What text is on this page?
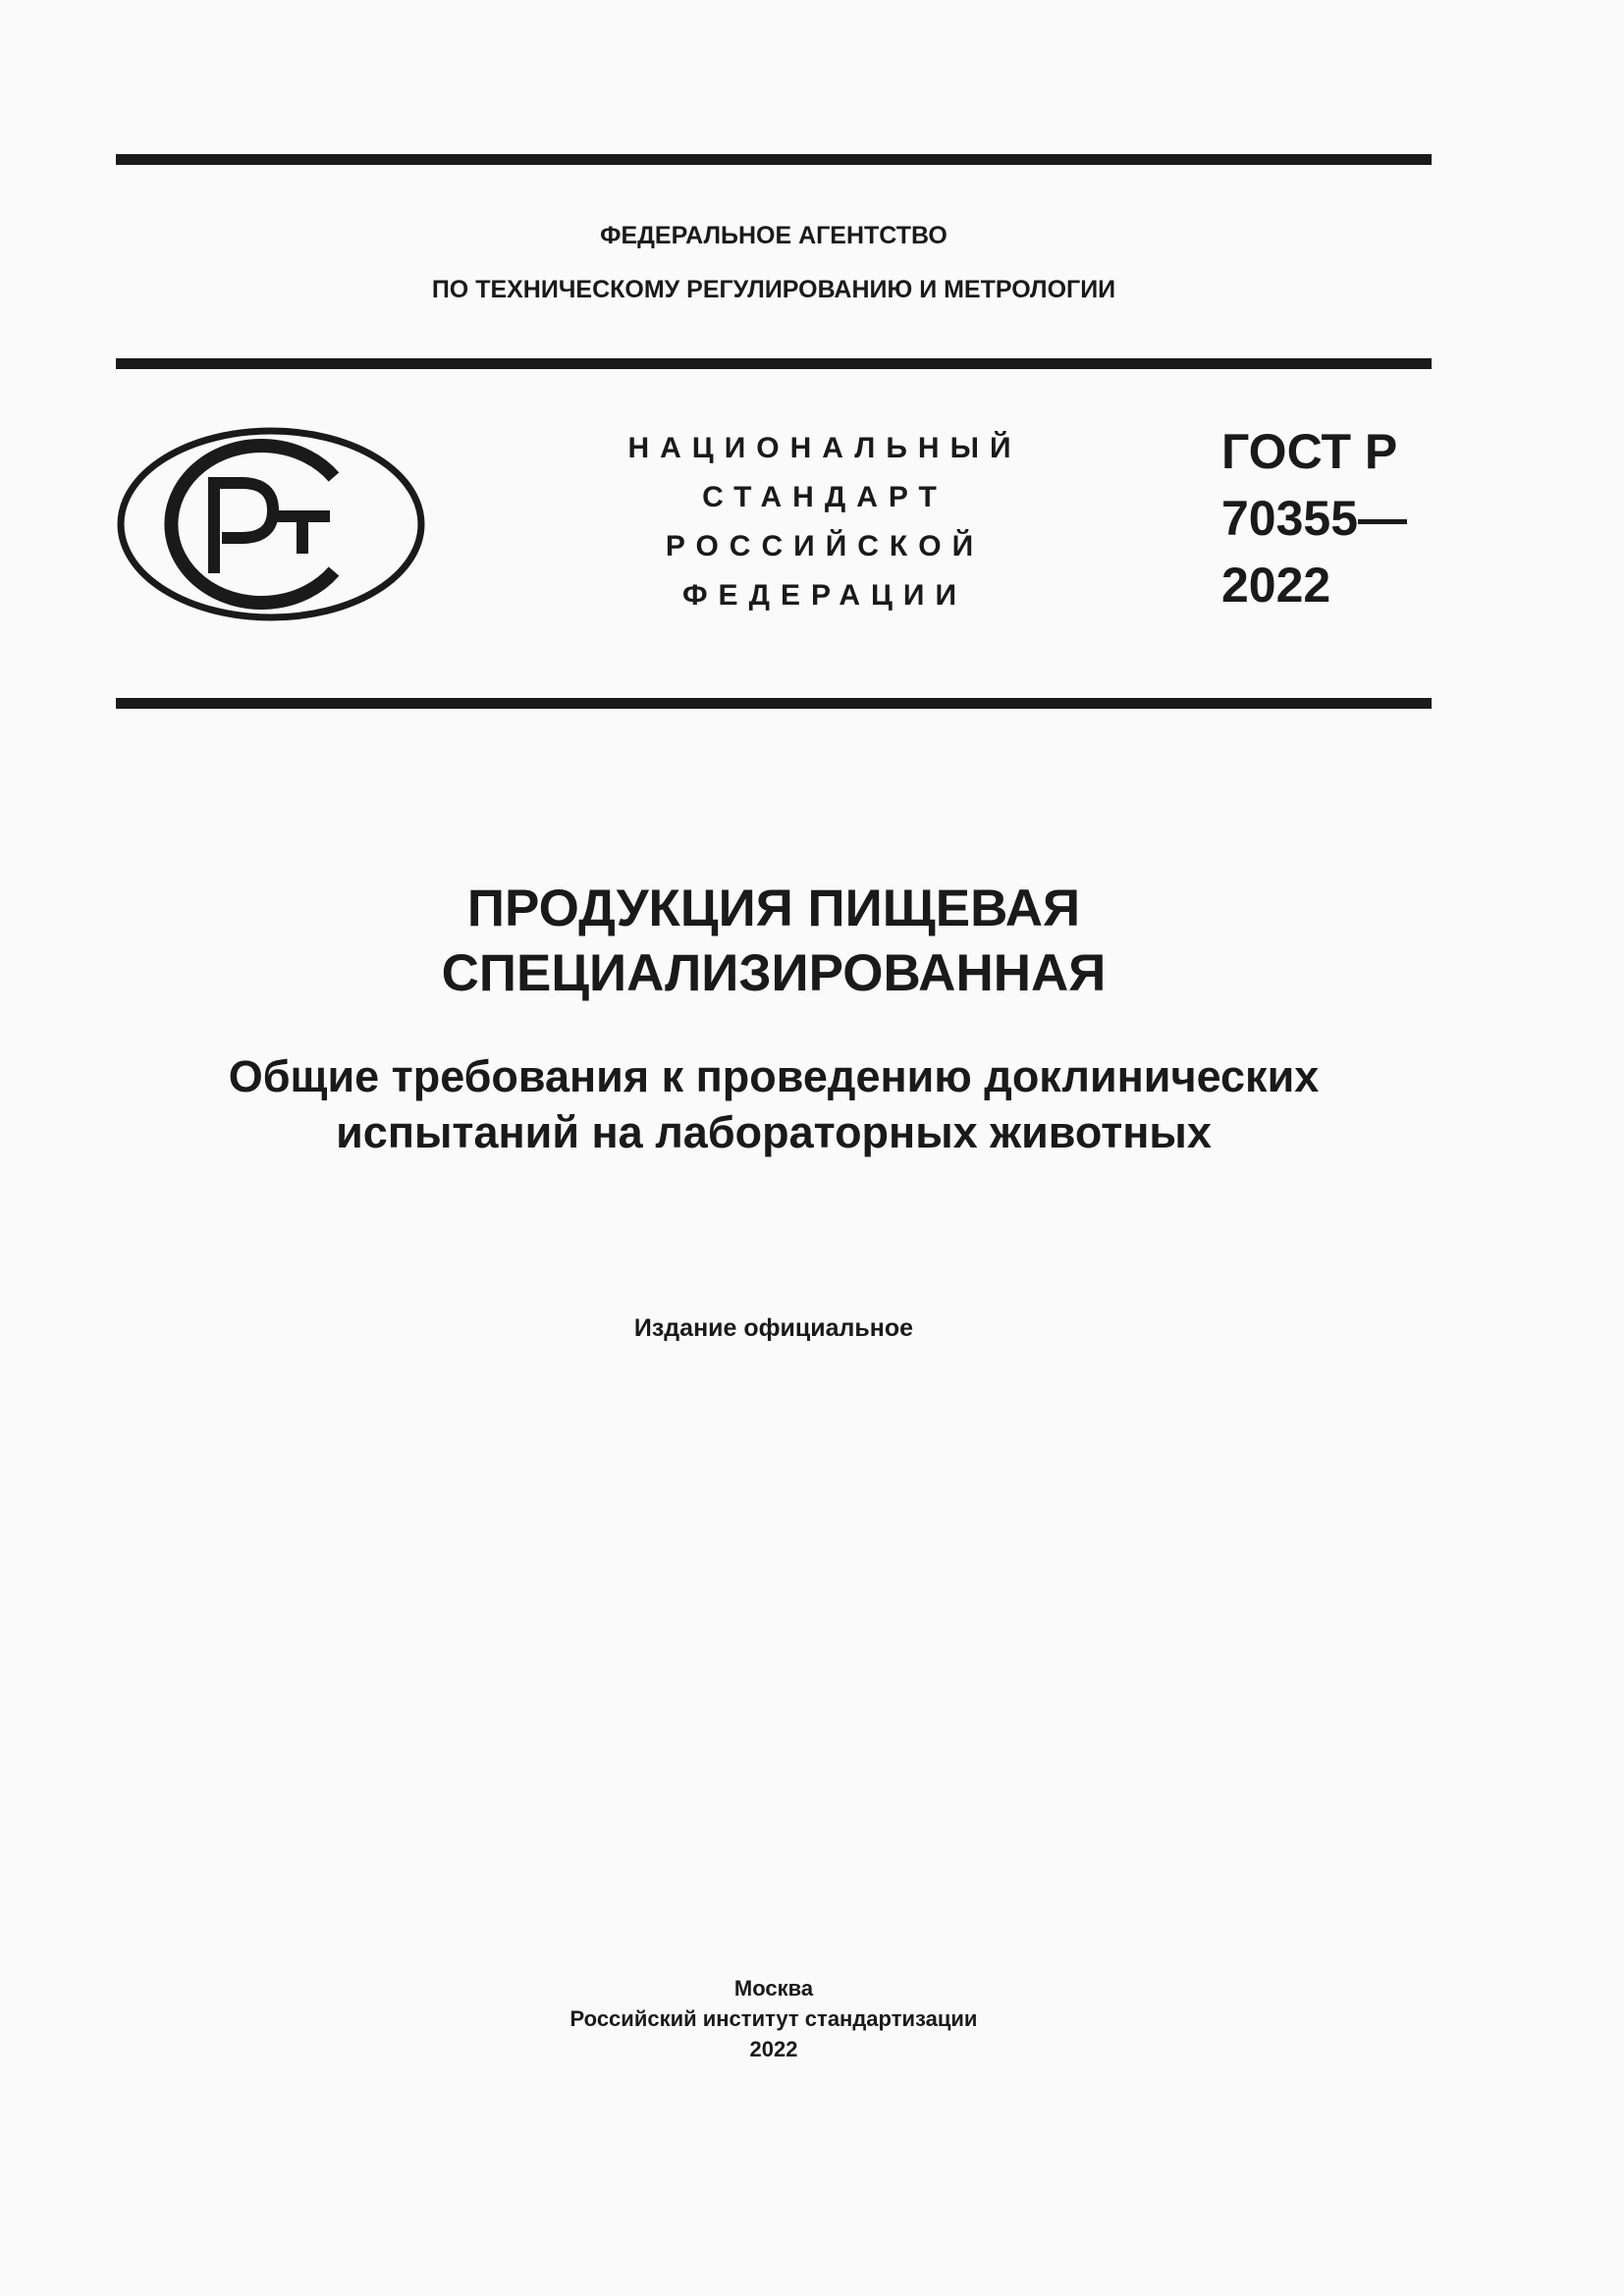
ФЕДЕРАЛЬНОЕ АГЕНТСТВО
ПО ТЕХНИЧЕСКОМУ РЕГУЛИРОВАНИЮ И МЕТРОЛОГИИ
НАЦИОНАЛЬНЫЙ
СТАНДАРТ
РОССИЙСКОЙ
ФЕДЕРАЦИИ
ГОСТ Р
70355—
2022
ПРОДУКЦИЯ ПИЩЕВАЯ
СПЕЦИАЛИЗИРОВАННАЯ
Общие требования к проведению доклинических
испытаний на лабораторных животных
Издание официальное
Москва
Российский институт стандартизации
2022
